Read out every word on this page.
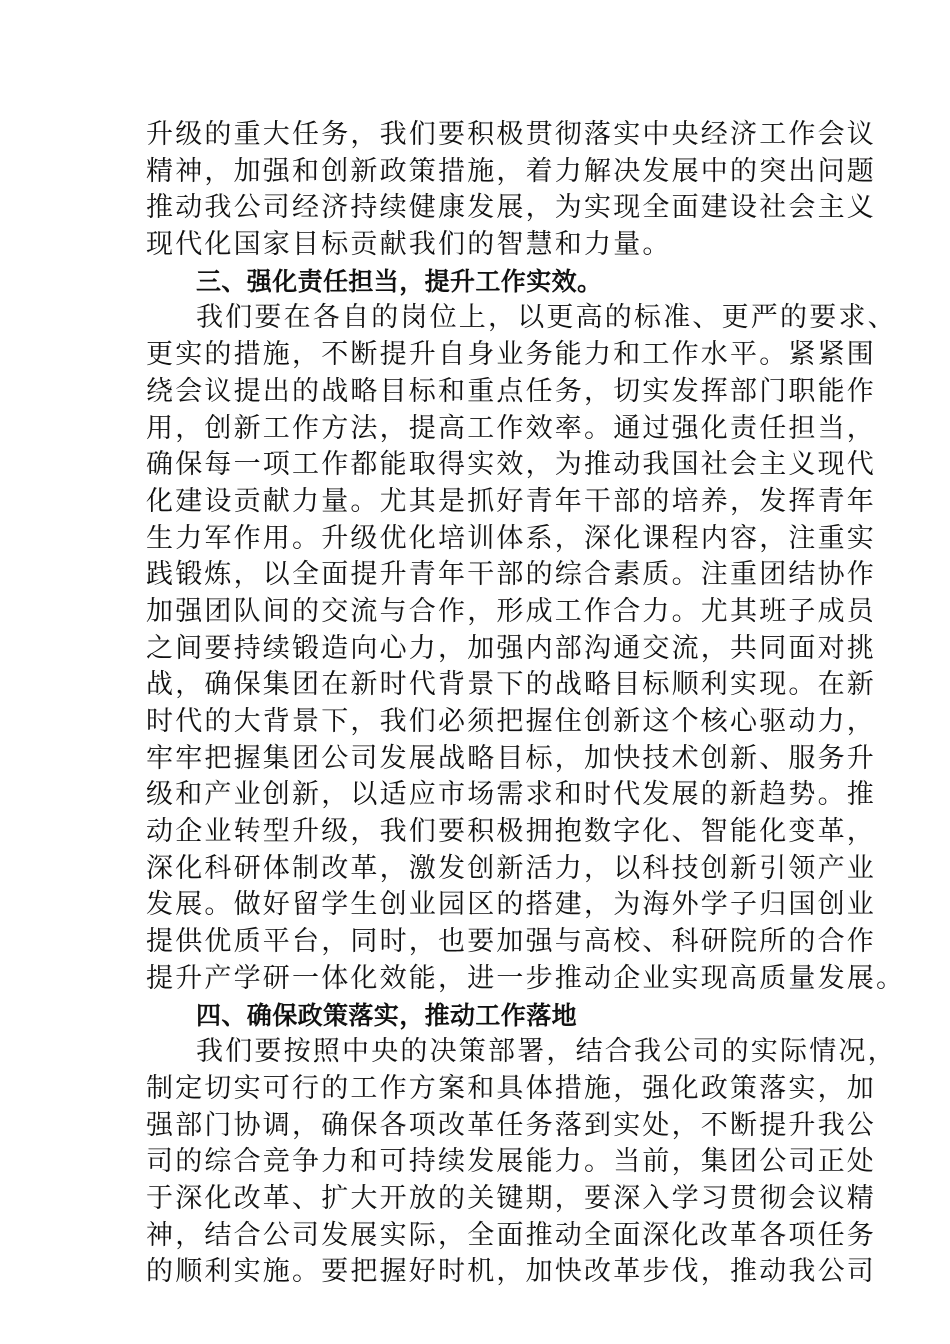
升级的重大任务，我们要积极贯彻落实中央经济工作会议
精神，加强和创新政策措施，着力解决发展中的突出问题
推动我公司经济持续健康发展，为实现全面建设社会主义
现代化国家目标贡献我们的智慧和力量。
三、强化责任担当，提升工作实效。
我们要在各自的岗位上，以更高的标准、更严的要求、
更实的措施，不断提升自身业务能力和工作水平。紧紧围
绕会议提出的战略目标和重点任务，切实发挥部门职能作
用，创新工作方法，提高工作效率。通过强化责任担当，
确保每一项工作都能取得实效，为推动我国社会主义现代
化建设贡献力量。尤其是抓好青年干部的培养，发挥青年
生力军作用。升级优化培训体系，深化课程内容，注重实
践锻炼，以全面提升青年干部的综合素质。注重团结协作
加强团队间的交流与合作，形成工作合力。尤其班子成员
之间要持续锻造向心力，加强内部沟通交流，共同面对挑
战，确保集团在新时代背景下的战略目标顺利实现。在新
时代的大背景下，我们必须把握住创新这个核心驱动力，
牢牢把握集团公司发展战略目标，加快技术创新、服务升
级和产业创新，以适应市场需求和时代发展的新趋势。推
动企业转型升级，我们要积极拥抱数字化、智能化变革，
深化科研体制改革，激发创新活力，以科技创新引领产业
发展。做好留学生创业园区的搭建，为海外学子归国创业
提供优质平台，同时，也要加强与高校、科研院所的合作
提升产学研一体化效能，进一步推动企业实现高质量发展。
四、确保政策落实，推动工作落地
我们要按照中央的决策部署，结合我公司的实际情况，
制定切实可行的工作方案和具体措施，强化政策落实，加
强部门协调，确保各项改革任务落到实处，不断提升我公
司的综合竞争力和可持续发展能力。当前，集团公司正处
于深化改革、扩大开放的关键期，要深入学习贯彻会议精
神，结合公司发展实际，全面推动全面深化改革各项任务
的顺利实施。要把握好时机，加快改革步伐，推动我公司
